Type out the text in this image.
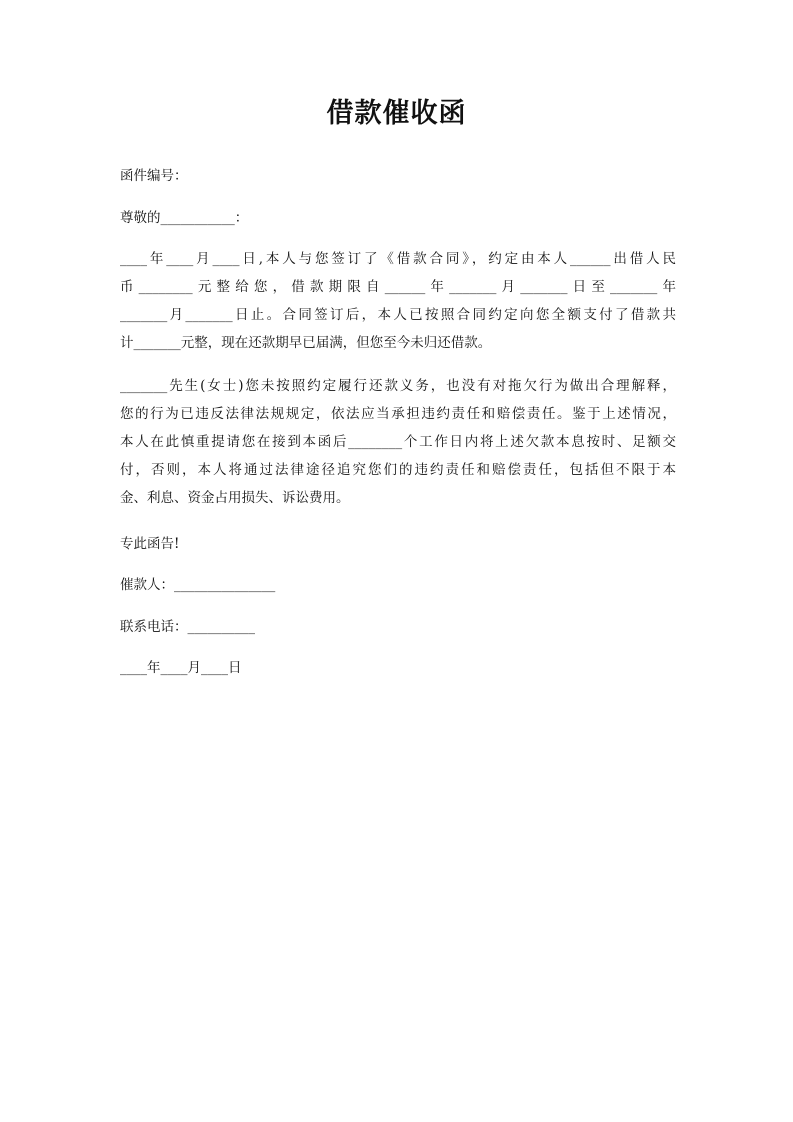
借款催收函
函件编号：
尊敬的___________：
____年____月____日,本人与您签订了《借款合同》，约定由本人______出借人民
币________元整给您，借款期限自______年_______月_______日至_______年
_______月_______日止。合同签订后，本人已按照合同约定向您全额支付了借款共
计_______元整，现在还款期早已届满，但您至今未归还借款。
_______先生(女士)您未按照约定履行还款义务，也没有对拖欠行为做出合理解释，
您的行为已违反法律法规规定，依法应当承担违约责任和赔偿责任。鉴于上述情况，
本人在此慎重提请您在接到本函后________个工作日内将上述欠款本息按时、足额交
付，否则，本人将通过法律途径追究您们的违约责任和赔偿责任，包括但不限于本
金、利息、资金占用损失、诉讼费用。
专此函告!
催款人：_______________
联系电话：__________
____年____月____日
